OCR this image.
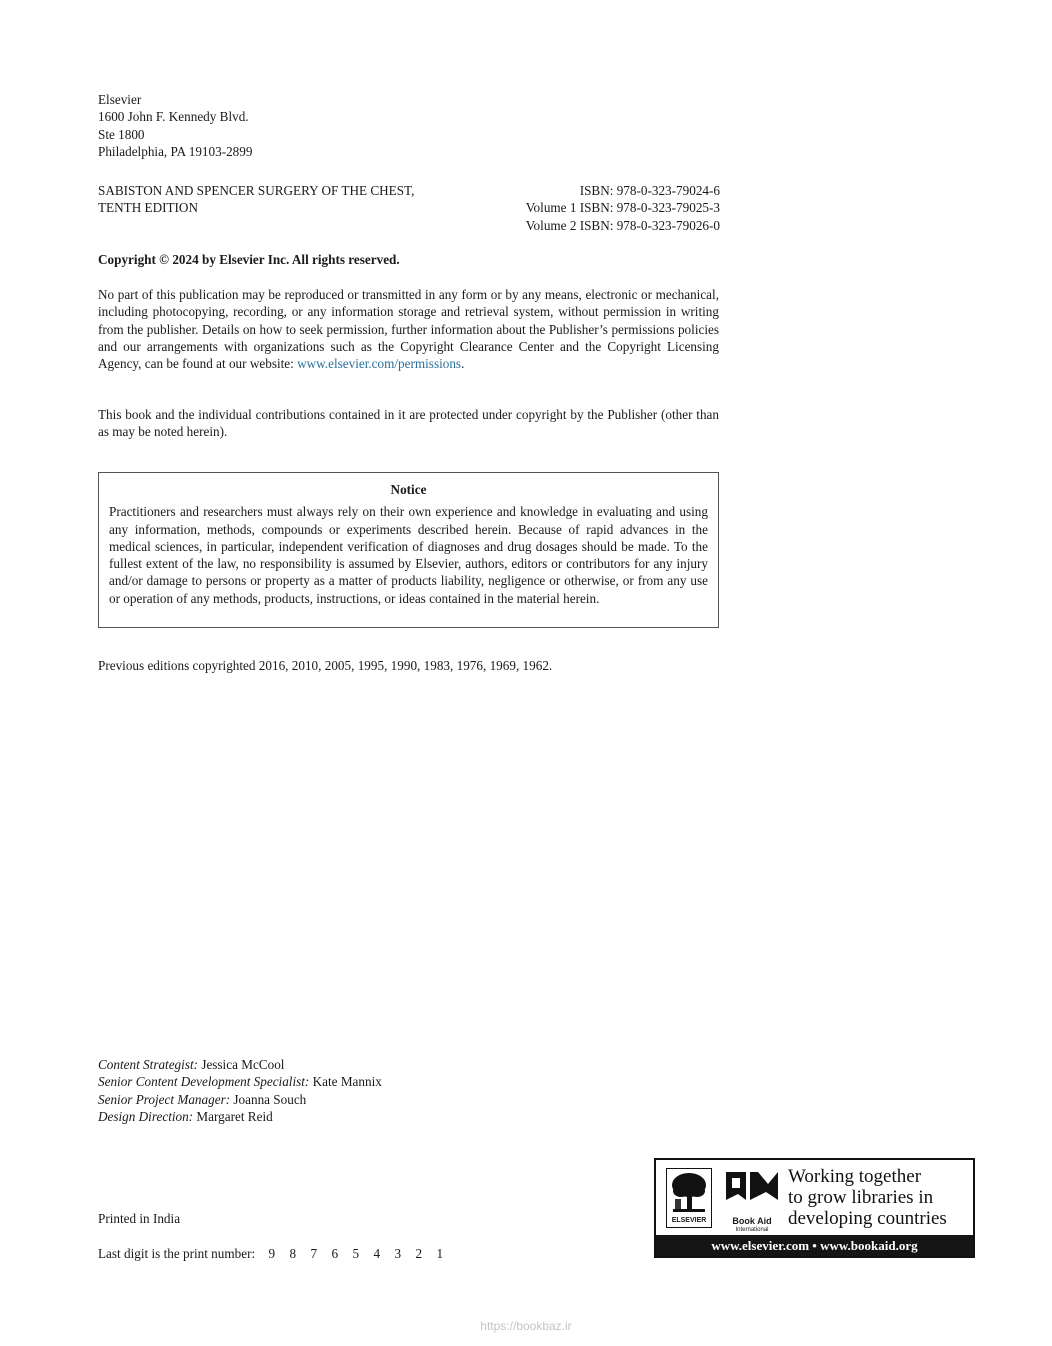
Elsevier
1600 John F. Kennedy Blvd.
Ste 1800
Philadelphia, PA 19103-2899
SABISTON AND SPENCER SURGERY OF THE CHEST,
TENTH EDITION
ISBN: 978-0-323-79024-6
Volume 1 ISBN: 978-0-323-79025-3
Volume 2 ISBN: 978-0-323-79026-0
Copyright © 2024 by Elsevier Inc. All rights reserved.
No part of this publication may be reproduced or transmitted in any form or by any means, electronic or mechanical, including photocopying, recording, or any information storage and retrieval system, without permission in writing from the publisher. Details on how to seek permission, further information about the Publisher’s permissions policies and our arrangements with organizations such as the Copyright Clearance Center and the Copyright Licensing Agency, can be found at our website: www.elsevier.com/permissions.
This book and the individual contributions contained in it are protected under copyright by the Publisher (other than as may be noted herein).
Notice
Practitioners and researchers must always rely on their own experience and knowledge in evaluating and using any information, methods, compounds or experiments described herein. Because of rapid advances in the medical sciences, in particular, independent verification of diagnoses and drug dosages should be made. To the fullest extent of the law, no responsibility is assumed by Elsevier, authors, editors or contributors for any injury and/or damage to persons or property as a matter of products liability, negligence or otherwise, or from any use or operation of any methods, products, instructions, or ideas contained in the material herein.
Previous editions copyrighted 2016, 2010, 2005, 1995, 1990, 1983, 1976, 1969, 1962.
Content Strategist: Jessica McCool
Senior Content Development Specialist: Kate Mannix
Senior Project Manager: Joanna Souch
Design Direction: Margaret Reid
Printed in India
Last digit is the print number: 9 8 7 6 5 4 3 2 1
ELSEVIER	Book Aid
International
Working together
to grow libraries in
developing countries
www.elsevier.com • www.bookaid.org
https://bookbaz.ir
